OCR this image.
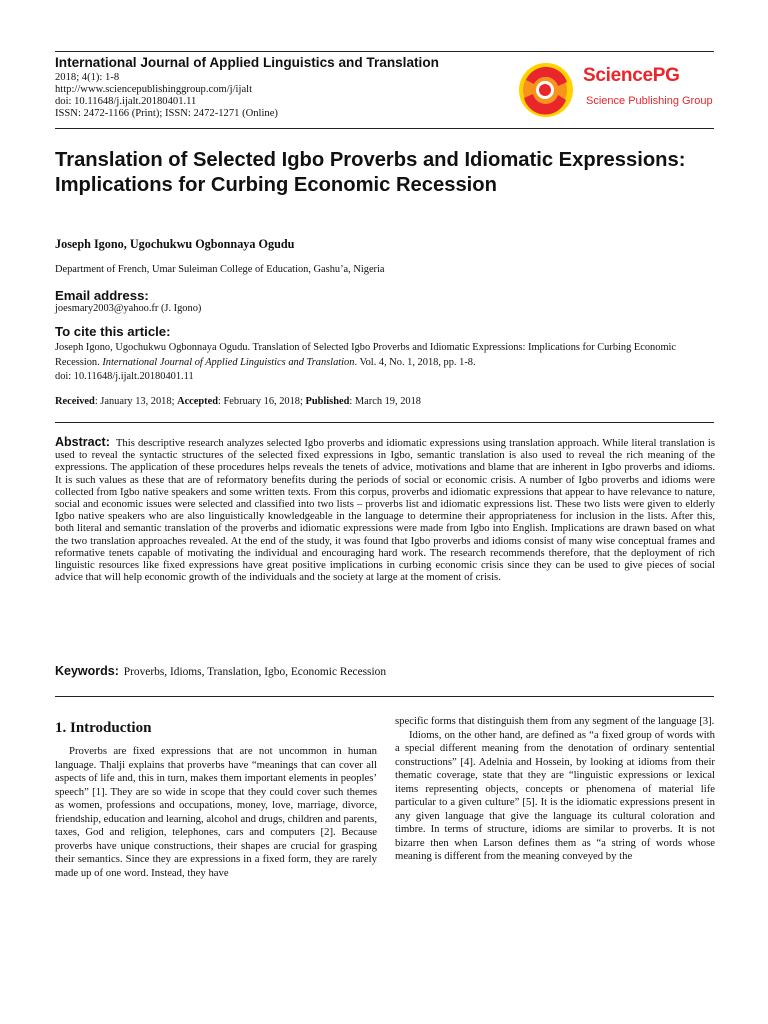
International Journal of Applied Linguistics and Translation
2018; 4(1): 1-8
http://www.sciencepublishinggroup.com/j/ijalt
doi: 10.11648/j.ijalt.20180401.11
ISSN: 2472-1166 (Print); ISSN: 2472-1271 (Online)
SciencePG
Science Publishing Group
Translation of Selected Igbo Proverbs and Idiomatic Expressions: Implications for Curbing Economic Recession
Joseph Igono, Ugochukwu Ogbonnaya Ogudu
Department of French, Umar Suleiman College of Education, Gashu’a, Nigeria
Email address:
joesmary2003@yahoo.fr (J. Igono)
To cite this article:
Joseph Igono, Ugochukwu Ogbonnaya Ogudu. Translation of Selected Igbo Proverbs and Idiomatic Expressions: Implications for Curbing Economic Recession. International Journal of Applied Linguistics and Translation. Vol. 4, No. 1, 2018, pp. 1-8.
doi: 10.11648/j.ijalt.20180401.11
Received: January 13, 2018; Accepted: February 16, 2018; Published: March 19, 2018
Abstract: This descriptive research analyzes selected Igbo proverbs and idiomatic expressions using translation approach. While literal translation is used to reveal the syntactic structures of the selected fixed expressions in Igbo, semantic translation is also used to reveal the rich meaning of the expressions. The application of these procedures helps reveals the tenets of advice, motivations and blame that are inherent in Igbo proverbs and idioms. It is such values as these that are of reformatory benefits during the periods of social or economic crisis. A number of Igbo proverbs and idioms were collected from Igbo native speakers and some written texts. From this corpus, proverbs and idiomatic expressions that appear to have relevance to nature, social and economic issues were selected and classified into two lists – proverbs list and idiomatic expressions list. These two lists were given to elderly Igbo native speakers who are also linguistically knowledgeable in the language to determine their appropriateness for inclusion in the lists. After this, both literal and semantic translation of the proverbs and idiomatic expressions were made from Igbo into English. Implications are drawn based on what the two translation approaches revealed. At the end of the study, it was found that Igbo proverbs and idioms consist of many wise conceptual frames and reformative tenets capable of motivating the individual and encouraging hard work. The research recommends therefore, that the deployment of rich linguistic resources like fixed expressions have great positive implications in curbing economic crisis since they can be used to give pieces of social advice that will help economic growth of the individuals and the society at large at the moment of crisis.
Keywords: Proverbs, Idioms, Translation, Igbo, Economic Recession
1. Introduction

Proverbs are fixed expressions that are not uncommon in human language. Thalji explains that proverbs have “meanings that can cover all aspects of life and, this in turn, makes them important elements in peoples’ speech” [1]. They are so wide in scope that they could cover such themes as women, professions and occupations, money, love, marriage, divorce, friendship, education and learning, alcohol and drugs, children and parents, taxes, God and religion, telephones, cars and computers [2]. Because proverbs have unique constructions, their shapes are crucial for grasping their semantics. Since they are expressions in a fixed form, they are rarely made up of one word. Instead, they have

specific forms that distinguish them from any segment of the language [3].

Idioms, on the other hand, are defined as “a fixed group of words with a special different meaning from the denotation of ordinary sentential constructions” [4]. Adelnia and Hossein, by looking at idioms from their thematic coverage, state that they are “linguistic expressions or lexical items representing objects, concepts or phenomena of material life particular to a given culture” [5]. It is the idiomatic expressions present in any given language that give the language its cultural coloration and timbre. In terms of structure, idioms are similar to proverbs. It is not bizarre then when Larson defines them as “a string of words whose meaning is different from the meaning conveyed by the
